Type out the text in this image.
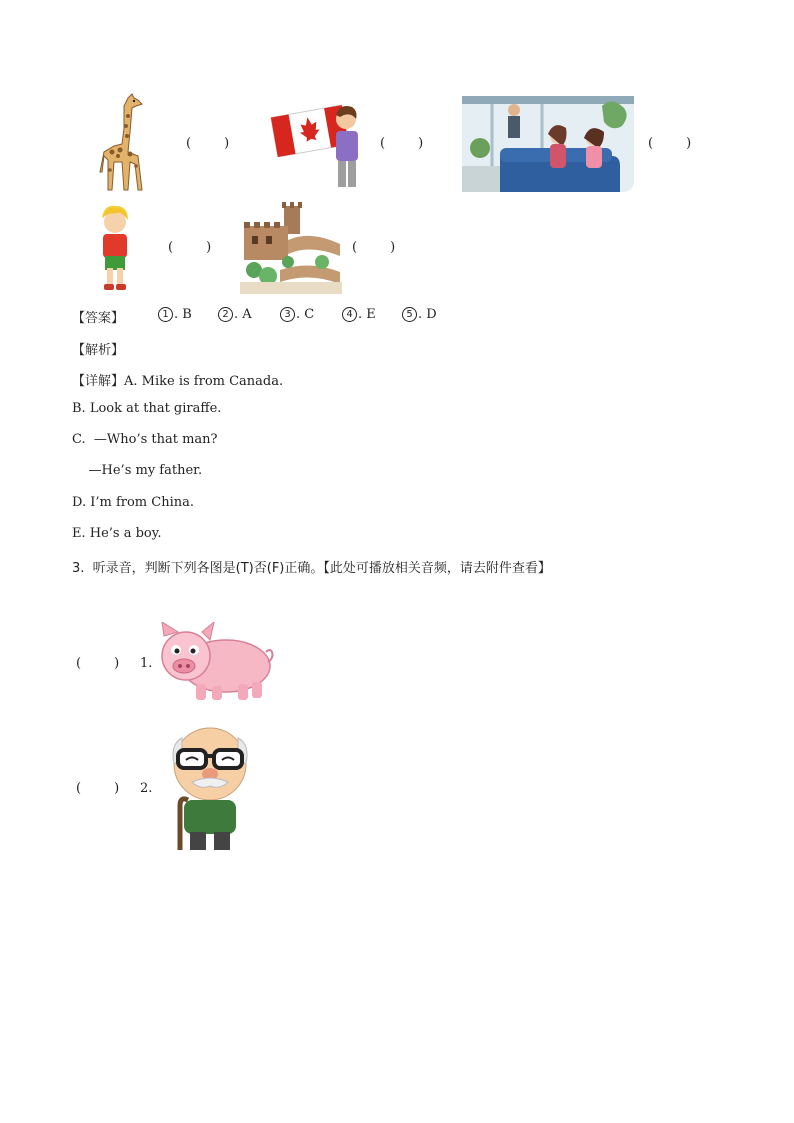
(        )	(        )	(        )
(        )	(        )
【答案】	1 . B	2 . A	3 . C	4 . E	5 . D
【解析】
【详解】A. Mike is from Canada.
B. Look at that giraffe.
C.  —Who’s that man?
—He’s my father.
D. I’m from China.
E. He’s a boy.
3.  听录音，判断下列各图是(T)否(F)正确。【此处可播放相关音频，请去附件查看】
(        ) 1.
(        ) 2.
